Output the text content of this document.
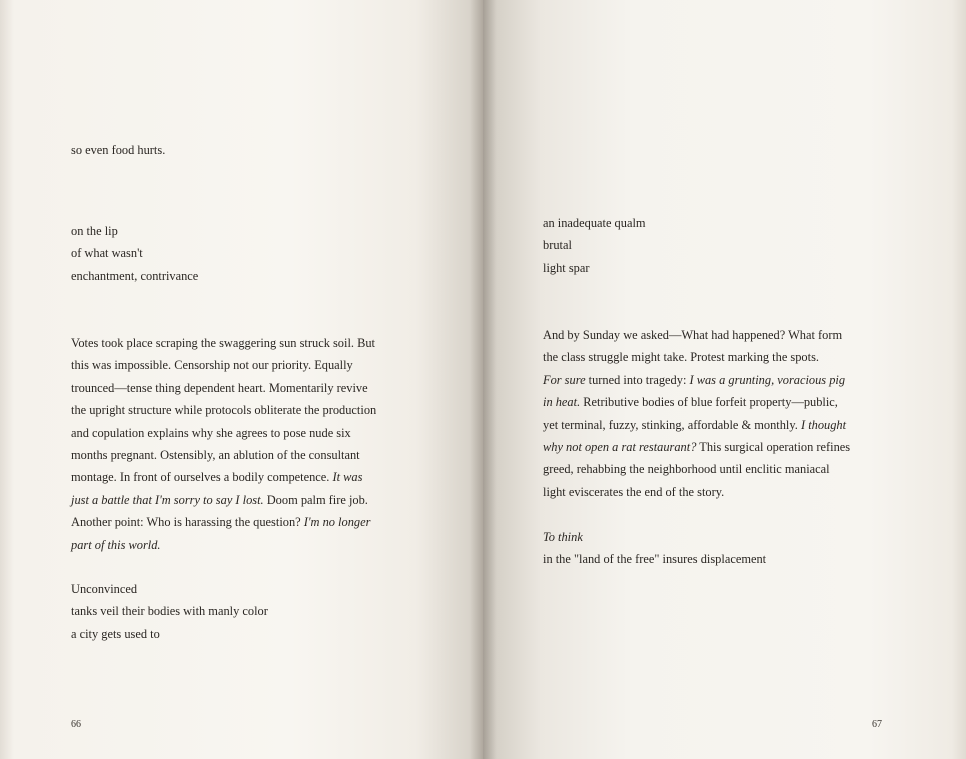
so even food hurts.
on the lip
of what wasn't
enchantment, contrivance
Votes took place scraping the swaggering sun struck soil. But
this was impossible. Censorship not our priority. Equally
trounced—tense thing dependent heart. Momentarily revive
the upright structure while protocols obliterate the production
and copulation explains why she agrees to pose nude six
months pregnant. Ostensibly, an ablution of the consultant
montage. In front of ourselves a bodily competence. It was
just a battle that I'm sorry to say I lost. Doom palm fire job.
Another point: Who is harassing the question? I'm no longer
part of this world.
Unconvinced
tanks veil their bodies with manly color
a city gets used to
66
an inadequate qualm
brutal
light spar
And by Sunday we asked—What had happened? What form
the class struggle might take. Protest marking the spots.
For sure turned into tragedy: I was a grunting, voracious pig
in heat. Retributive bodies of blue forfeit property—public,
yet terminal, fuzzy, stinking, affordable & monthly. I thought
why not open a rat restaurant? This surgical operation refines
greed, rehabbing the neighborhood until enclitic maniacal
light eviscerates the end of the story.
To think
in the "land of the free" insures displacement
67
